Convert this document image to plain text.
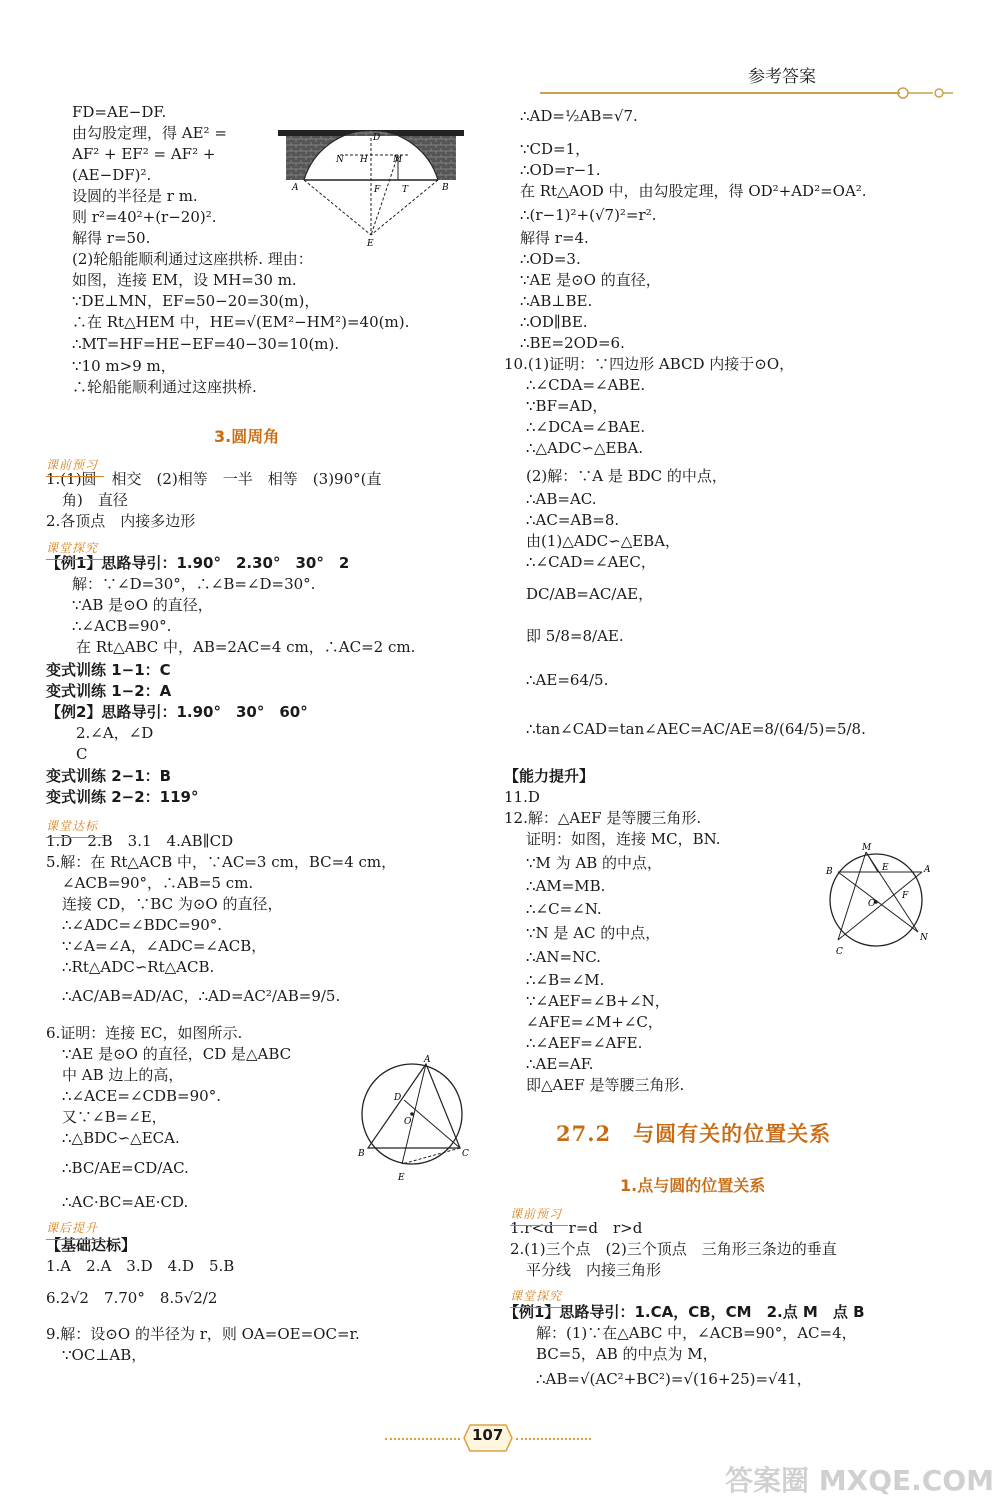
参考答案
3.圆周角
FD=AE−DF.
由勾股定理，得 AE² =
AF² + EF² = AF² +
(AE−DF)².
设圆的半径是 r m.
则 r²=40²+(r−20)².
解得 r=50.
(2)轮船能顺利通过这座拱桥. 理由：
如图，连接 EM，设 MH=30 m.
∵DE⊥MN，EF=50−20=30(m)，
∴在 Rt△HEM 中，HE=√(EM²−HM²)=40(m).
∴MT=HF=HE−EF=40−30=10(m).
∵10 m>9 m，
∴轮船能顺利通过这座拱桥.
1.(1)圆　相交　(2)相等　一半　相等　(3)90°(直
角)　直径
2.各顶点　内接多边形
解：∵∠D=30°，∴∠B=∠D=30°.
∵AB 是⊙O 的直径，
∴∠ACB=90°.
在 Rt△ABC 中，AB=2AC=4 cm，∴AC=2 cm.
2.∠A，∠D
C
1.D　2.B　3.1　4.AB∥CD
5.解：在 Rt△ACB 中，∵AC=3 cm，BC=4 cm，
∠ACB=90°，∴AB=5 cm.
连接 CD，∵BC 为⊙O 的直径，
∴∠ADC=∠BDC=90°.
∵∠A=∠A，∠ADC=∠ACB，
∴Rt△ADC∽Rt△ACB.
∴AC/AB=AD/AC，∴AD=AC²/AB=9/5.
6.证明：连接 EC，如图所示.
∵AE 是⊙O 的直径，CD 是△ABC
中 AB 边上的高，
∴∠ACE=∠CDB=90°.
又∵∠B=∠E，
∴△BDC∽△ECA.
∴BC/AE=CD/AC.
∴AC·BC=AE·CD.
1.A　2.A　3.D　4.D　5.B
6.2√2　7.70°　8.5√2/2
9.解：设⊙O 的半径为 r，则 OA=OE=OC=r.
∵OC⊥AB，
【例1】思路导引：1.90°　2.30°　30°　2
变式训练 1−1：C
变式训练 1−2：A
【例2】思路导引：1.90°　30°　60°
变式训练 2−1：B
变式训练 2−2：119°
【基础达标】
课前预习
课堂探究
课堂达标
课后提升
27.2　与圆有关的位置关系
1.点与圆的位置关系
∴AD=½AB=√7.
∵CD=1，
∴OD=r−1.
在 Rt△AOD 中，由勾股定理，得 OD²+AD²=OA².
∴(r−1)²+(√7)²=r².
解得 r=4.
∴OD=3.
∵AE 是⊙O 的直径，
∴AB⊥BE.
∴OD∥BE.
∴BE=2OD=6.
10.(1)证明：∵四边形 ABCD 内接于⊙O，
∴∠CDA=∠ABE.
∵BF=AD，
∴∠DCA=∠BAE.
∴△ADC∽△EBA.
(2)解：∵A 是 BDC 的中点，
∴AB=AC.
∴AC=AB=8.
由(1)△ADC∽△EBA，
∴∠CAD=∠AEC，
DC/AB=AC/AE，
即 5/8=8/AE.
∴AE=64/5.
∴tan∠CAD=tan∠AEC=AC/AE=8/(64/5)=5/8.
11.D
12.解：△AEF 是等腰三角形.
证明：如图，连接 MC，BN.
∵M 为 AB 的中点，
∴AM=MB.
∴∠C=∠N.
∵N 是 AC 的中点，
∴AN=NC.
∴∠B=∠M.
∵∠AEF=∠B+∠N，
∠AFE=∠M+∠C，
∴∠AEF=∠AFE.
∴AE=AF.
即△AEF 是等腰三角形.
1.r<d　r=d　r>d
2.(1)三个点　(2)三个顶点　三角形三条边的垂直
平分线　内接三角形
解：(1)∵在△ABC 中，∠ACB=90°，AC=4，
BC=5，AB 的中点为 M，
∴AB=√(AC²+BC²)=√(16+25)=√41，
【能力提升】
【例1】思路导引：1.CA，CB，CM　2.点 M　点 B
课前预习
课堂探究
A	B
D
N H	M
F T
E
A
B	C
D
O
E
M
B	A
E
F
O
C
N
107
答案圈 MXQE.COM
